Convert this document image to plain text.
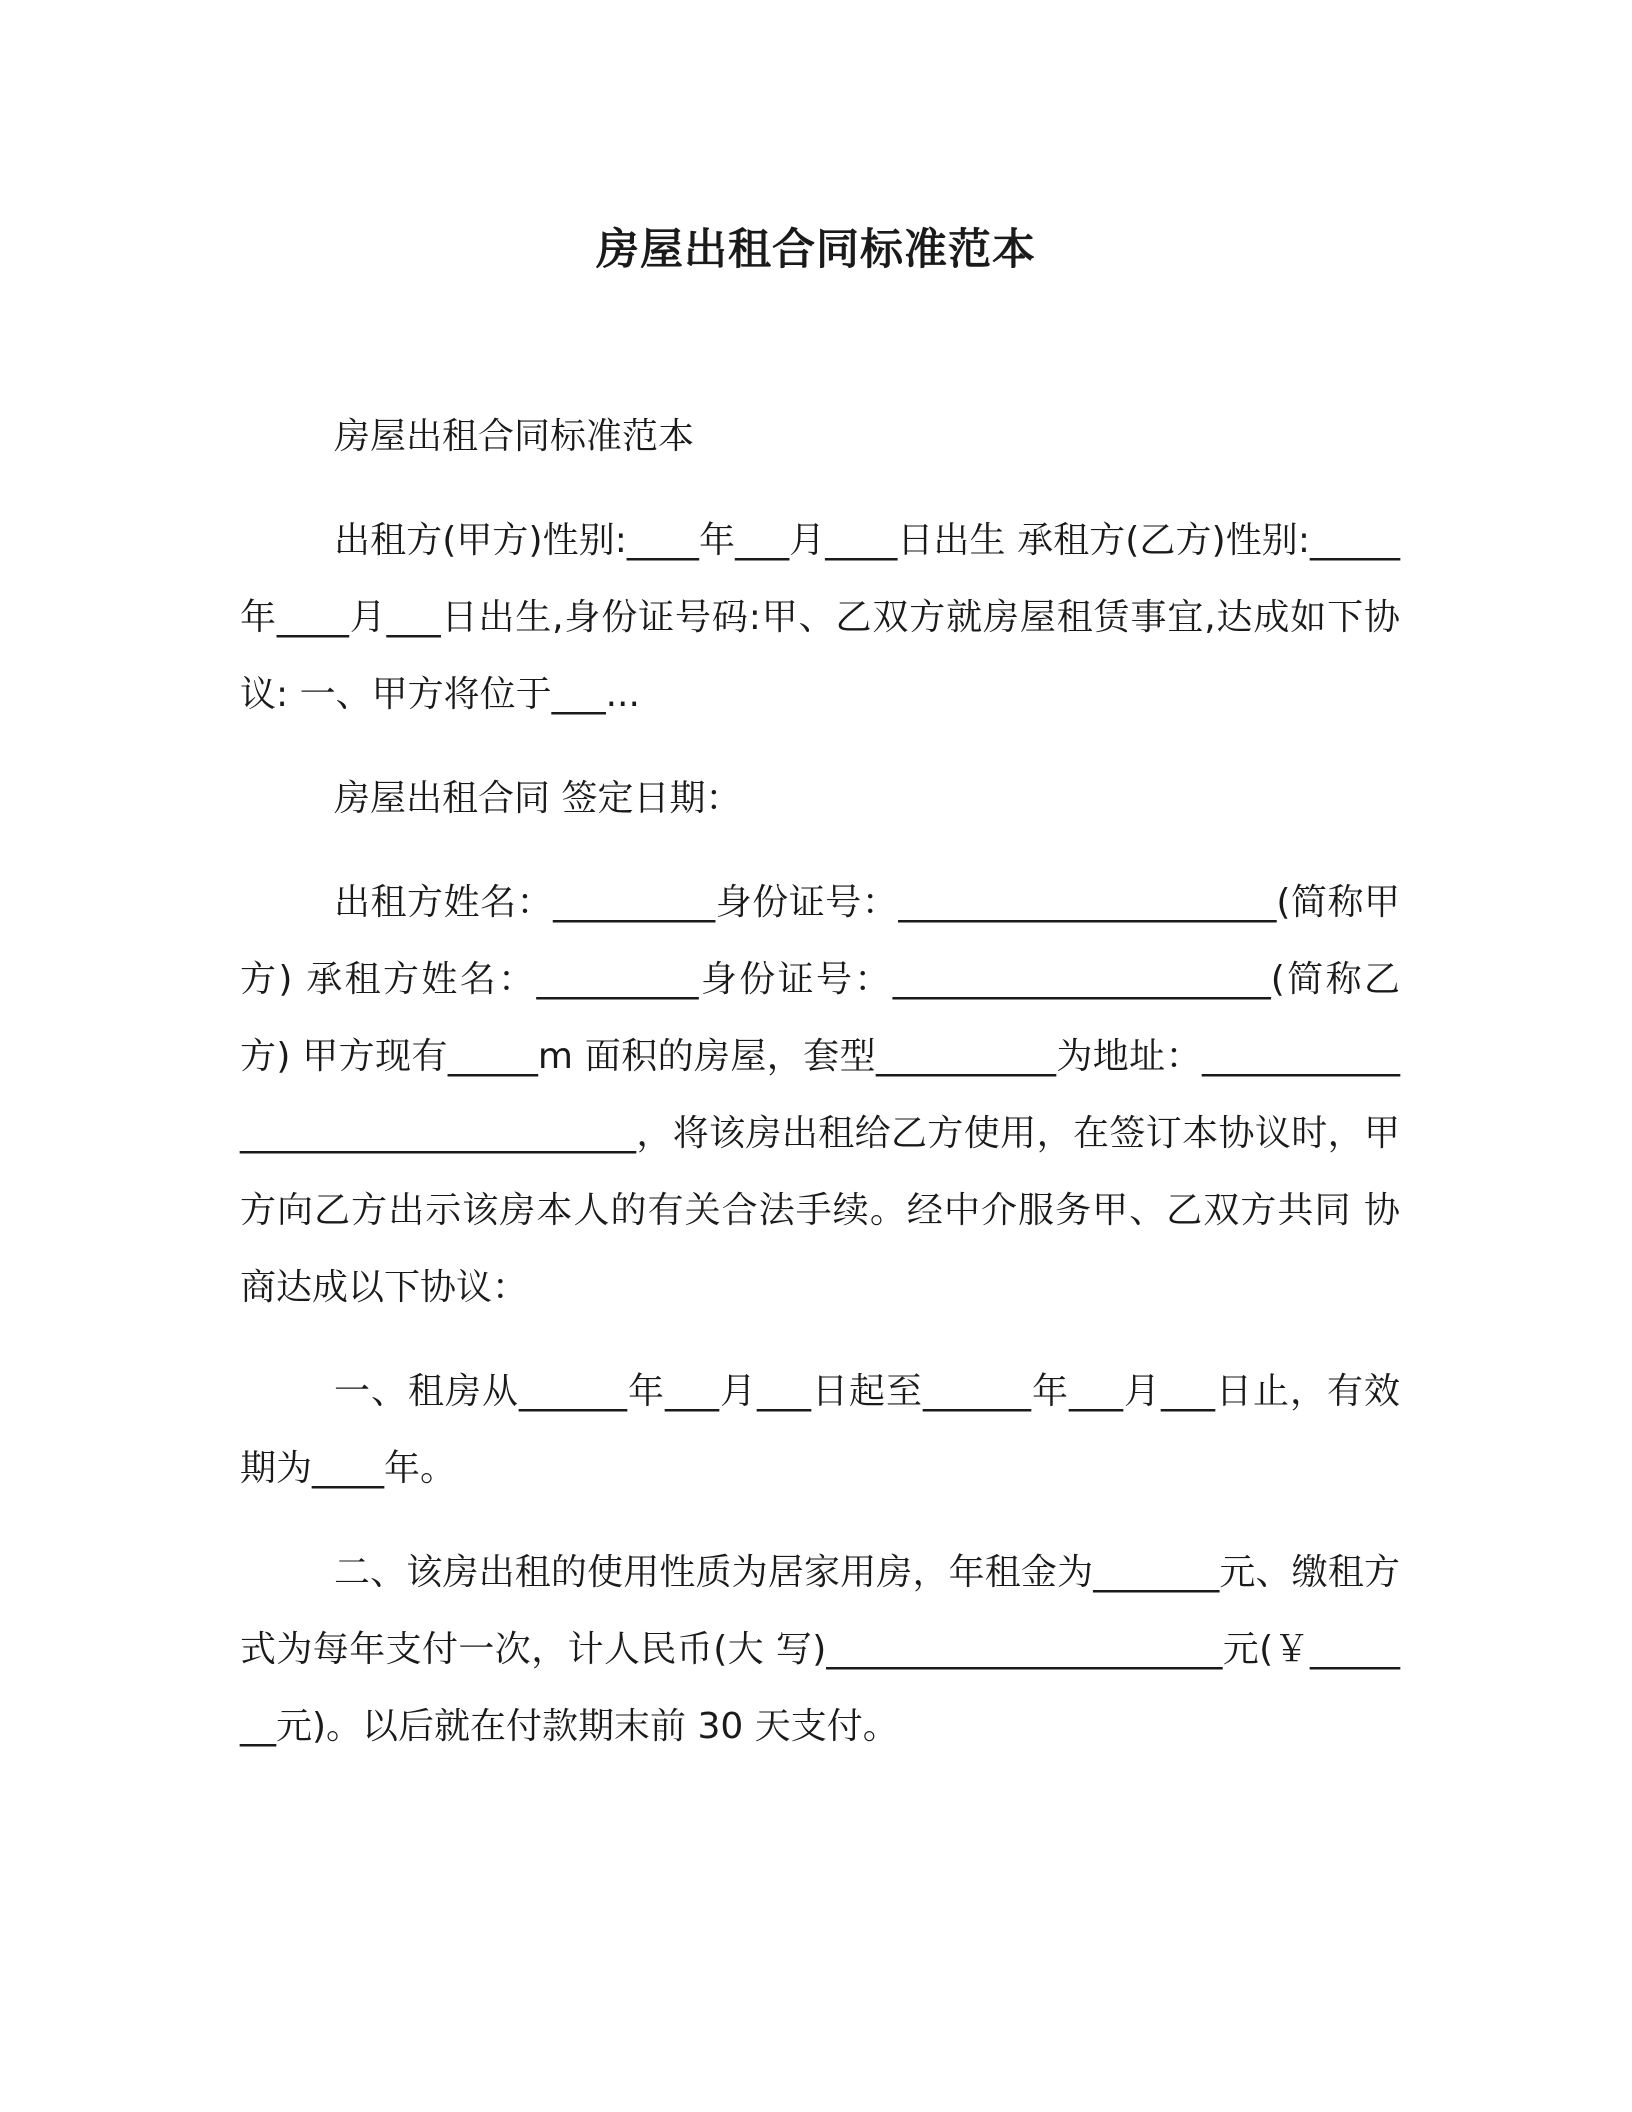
房屋出租合同标准范本

房屋出租合同标准范本

出租方(甲方)性别:____年___月____日出生 承租方(乙方)性别:_____年____月___日出生,身份证号码:甲、乙双方就房屋租赁事宜,达成如下协议: 一、甲方将位于___...

房屋出租合同 签定日期：

出租方姓名：_________身份证号：_____________________(简称甲方) 承租方姓名：_________身份证号：_____________________(简称乙方) 甲方现有_____m 面积的房屋，套型__________为地址：_________________________________，将该房出租给乙方使用，在签订本协议时，甲方向乙方出示该房本人的有关合法手续。经中介服务甲、乙双方共同 协商达成以下协议：

一、租房从______年___月___日起至______年___月___日止，有效期为____年。

二、该房出租的使用性质为居家用房，年租金为_______元、缴租方式为每年支付一次，计人民币(大 写)______________________元(￥_______元)。以后就在付款期末前 30 天支付。
